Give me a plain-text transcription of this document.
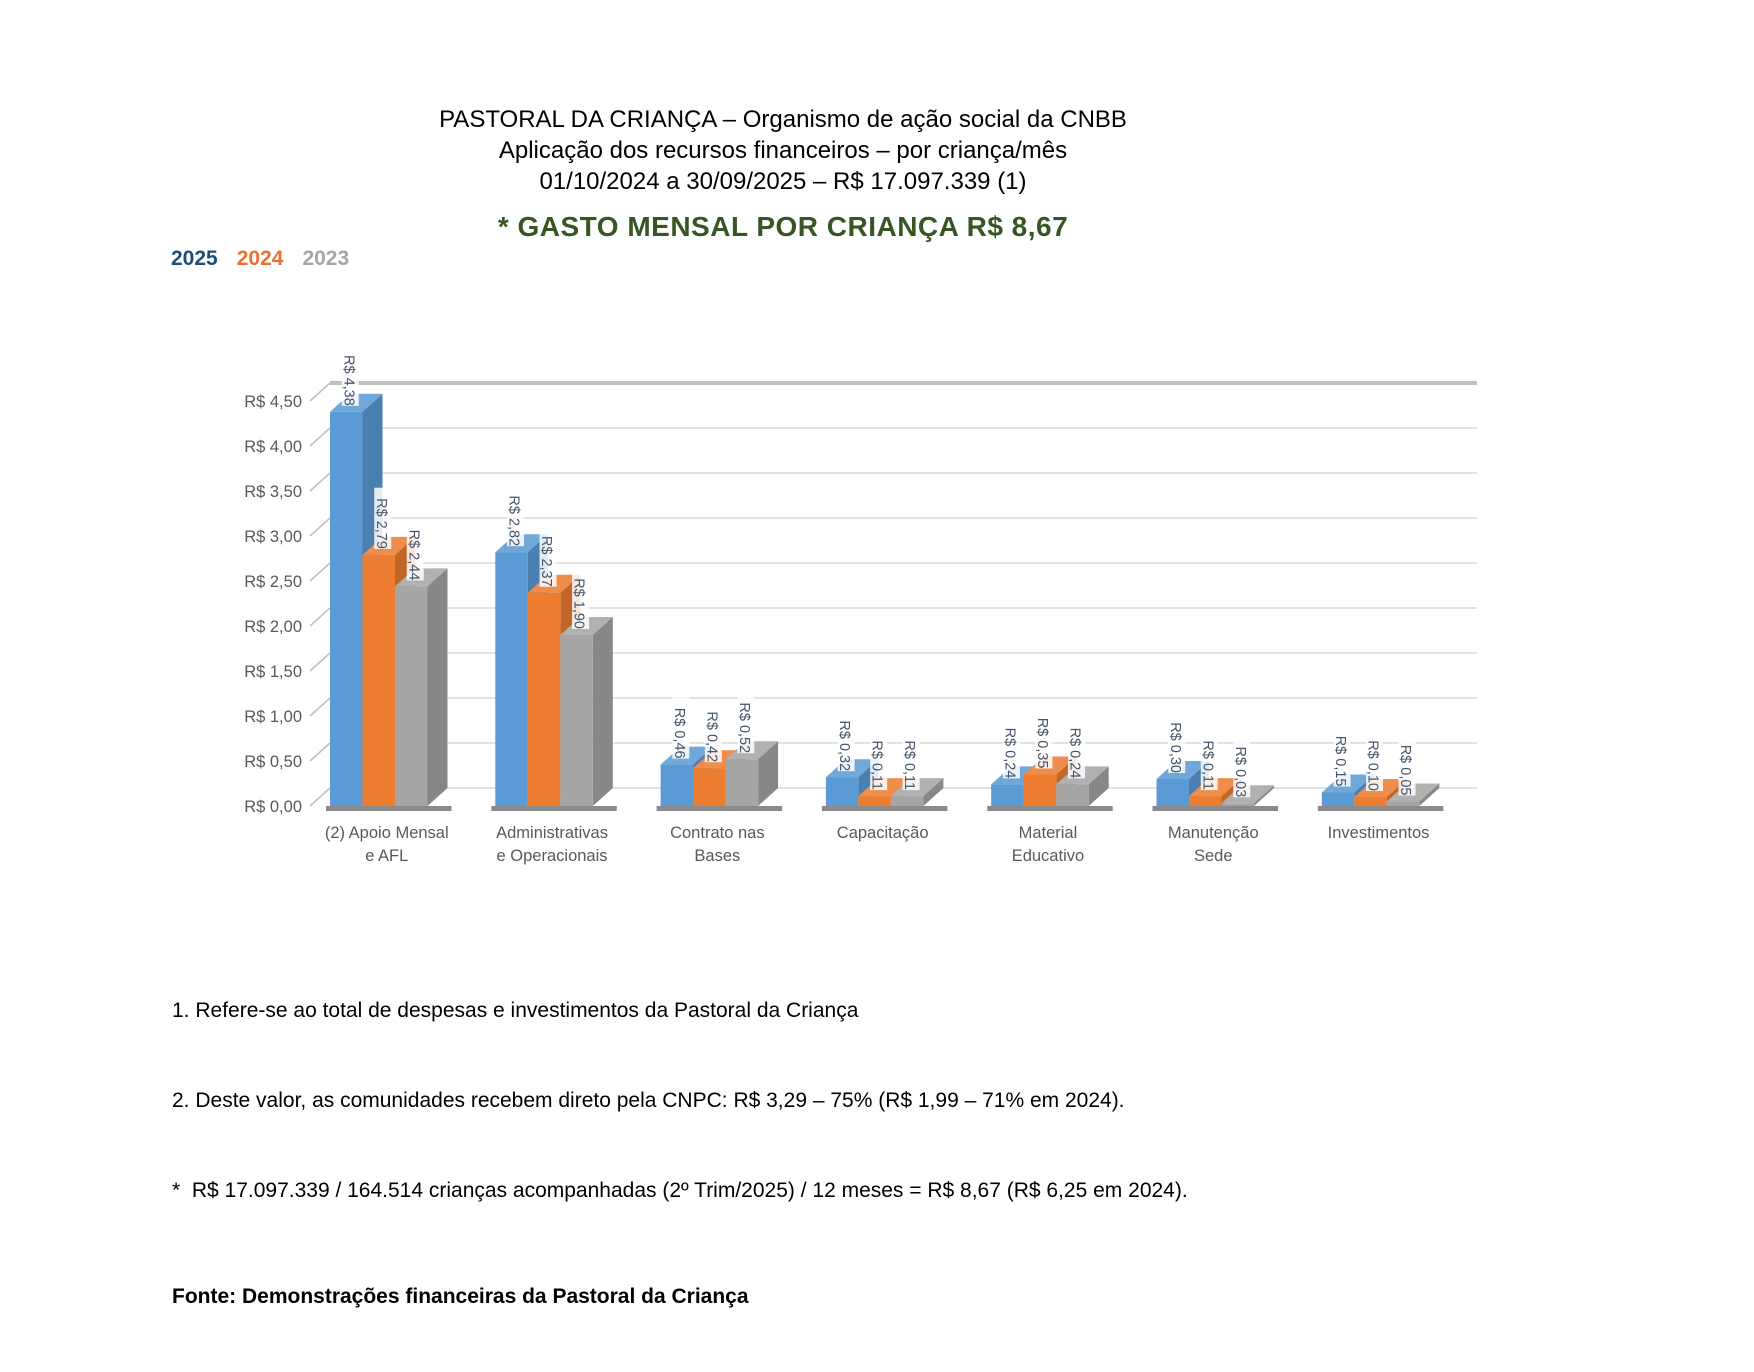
PASTORAL DA CRIANÇA – Organismo de ação social da CNBB
Aplicação dos recursos financeiros – por criança/mês
01/10/2024 a 30/09/2025 – R$ 17.097.339 (1)
* GASTO MENSAL POR CRIANÇA R$ 8,67
2025 2024 2023
R$ 0,00
R$ 0,50
R$ 1,00
R$ 1,50
R$ 2,00
R$ 2,50
R$ 3,00
R$ 3,50
R$ 4,00
R$ 4,50
(2) Apoio Mensal
e AFL
Administrativas
e Operacionais
Contrato nas
Bases
Capacitação	Material
Educativo
Manutenção
Sede
Investimentos
R$ 4,38
R$ 2,79
R$ 2,44
R$ 2,82
R$ 2,37
R$ 1,90
R$ 0,46 R$ 0,42 R$ 0,52	R$ 0,32 R$ 0,11 R$ 0,11	R$ 0,24 R$ 0,35 R$ 0,24	R$ 0,30 R$ 0,11 R$ 0,03	R$ 0,15 R$ 0,10 R$ 0,05

1. Refere-se ao total de despesas e investimentos da Pastoral da Criança

2. Deste valor, as comunidades recebem direto pela CNPC: R$ 3,29 – 75% (R$ 1,99 – 71% em 2024).

*  R$ 17.097.339 / 164.514 crianças acompanhadas (2º Trim/2025) / 12 meses = R$ 8,67 (R$ 6,25 em 2024).

Fonte: Demonstrações financeiras da Pastoral da Criança
